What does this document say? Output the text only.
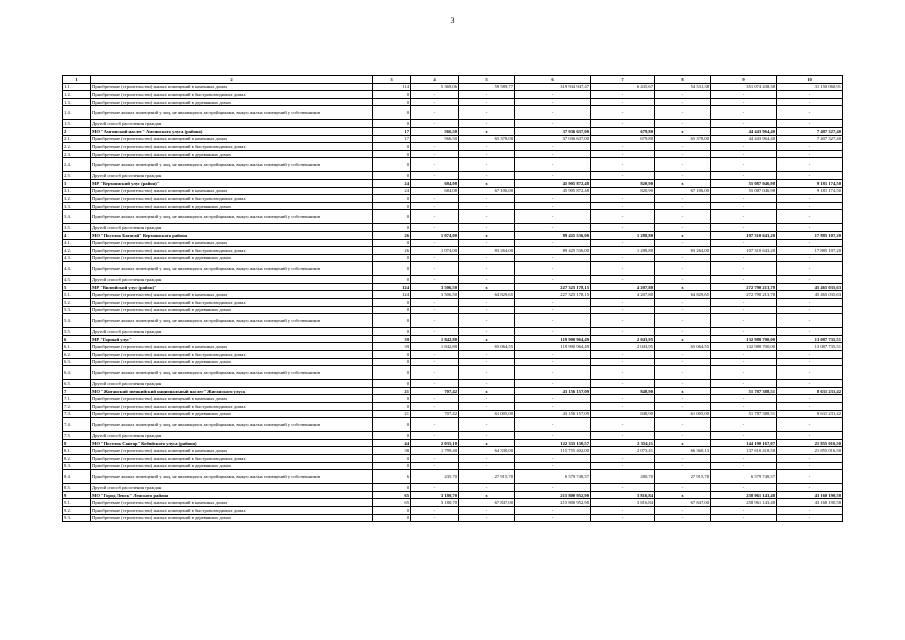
3
1	2	3	4	5	6	7	8	9	10
1.1.	Приобретение (строительство) жилых помещений в каменных домах	114	5 369,06	59 589,77	319 934 947,47	6 435,67	54 531,38	351 074 438,38	31 150 060,91
1.2.	Приобретение (строительство) жилых помещений в быстровозводимых домах	0	-	-	-	-	-	-	-
1.3.	Приобретение (строительство) жилых помещений в деревянных домах	0	-	-	-	-	-	-	-
1.4.	Приобретение жилых помещений у лиц, не являющихся застройщиками, выкуп жилых помещений у собственников	0	-	-	-	-	-	-	-
1.5.	Другой способ расселения граждан	0	-	-	-	-	-	-	-
2	МО "Амгинский наслег" Амгинского улуса (района)	17	566,50	х	37 036 637,00	679,80	х	44 443 964,40	7 407 327,40
2.1.	Приобретение (строительство) жилых помещений в каменных домах	17	566,50	65 378,00	37 036 637,00	679,80	65 378,00	44 443 964,40	7 407 327,40
2.2.	Приобретение (строительство) жилых помещений в быстровозводимых домах	0	-	-	-	-	-	-	-
2.3.	Приобретение (строительство) жилых помещений в деревянных домах	0	-	-	-	-	-	-	-
2.4.	Приобретение жилых помещений у лиц, не являющихся застройщиками, выкуп жилых помещений у собственников	0	-	-	-	-	-	-	-
2.5.	Другой способ расселения граждан	0	-	-	-	-	-	-	-
3	МР "Верхоянский улус (район)"	24	684,08	х	45 905 872,48	820,90	х	55 087 046,98	9 181 174,50
3.1.	Приобретение (строительство) жилых помещений в каменных домах	24	684,08	67 106,00	45 905 872,48	820,90	67 106,00	55 087 046,98	9 181 174,50
3.2.	Приобретение (строительство) жилых помещений в быстровозводимых домах	0	-	-	-	-	-	-	-
3.3.	Приобретение (строительство) жилых помещений в деревянных домах	0	-	-	-	-	-	-	-
3.4.	Приобретение жилых помещений у лиц, не являющихся застройщиками, выкуп жилых помещений у собственников	0	-	-	-	-	-	-	-
3.5.	Другой способ расселения граждан	0	-	-	-	-	-	-	-
4	МО "Поселок Батагай" Верхоянского района	26	1 074,00	х	89 425 536,00	1 288,80	х	107 310 643,20	17 885 107,20
4.1.	Приобретение (строительство) жилых помещений в каменных домах	0	-	-	-	-	-	-	-
4.2.	Приобретение (строительство) жилых помещений в быстровозводимых домах	26	1 074,00	83 264,00	89 425 536,00	1 288,80	83 264,00	107 310 643,20	17 885 107,20
4.3.	Приобретение (строительство) жилых помещений в деревянных домах	0	-	-	-	-	-	-	-
4.4.	Приобретение жилых помещений у лиц, не являющихся застройщиками, выкуп жилых помещений у собственников	0	-	-	-	-	-	-	-
4.5.	Другой способ расселения граждан	0	-	-	-	-	-	-	-
5	МР "Вилюйский улус (район)"	124	3 506,50	х	227 325 178,15	4 207,80	х	272 790 213,78	45 465 035,63
5.1.	Приобретение (строительство) жилых помещений в каменных домах	124	3 506,50	64 829,65	227 325 178,15	4 207,80	64 829,65	272 790 213,78	45 465 035,63
5.2.	Приобретение (строительство) жилых помещений в быстровозводимых домах	0	-	-	-	-	-	-	-
5.3.	Приобретение (строительство) жилых помещений в деревянных домах	0	-	-	-	-	-	-	-
5.4.	Приобретение жилых помещений у лиц, не являющихся застройщиками, выкуп жилых помещений у собственников	0	-	-	-	-	-	-	-
5.5.	Другой способ расселения граждан	0	-	-	-	-	-	-	-
6	МР "Горный улус"	39	1 842,80	х	119 900 964,49	2 043,95	х	132 988 700,00	13 087 735,51
6.1.	Приобретение (строительство) жилых помещений в каменных домах	39	1 842,80	65 064,55	119 900 964,49	2 043,95	65 064,55	132 988 700,00	13 087 735,51
6.2.	Приобретение (строительство) жилых помещений в быстровозводимых домах	0	-	-	-	-	-	-	-
6.3.	Приобретение (строительство) жилых помещений в деревянных домах	0	-	-	-	-	-	-	-
6.4.	Приобретение жилых помещений у лиц, не являющихся застройщиками, выкуп жилых помещений у собственников	0	-	-	-	-	-	-	-
6.5.	Другой способ расселения граждан	0	-	-	-	-	-	-	-
7	МО "Жиганский эвенкийский национальный наслег" Жиганского улуса	21	707,42	х	43 156 157,09	848,90	х	51 787 388,51	8 631 231,42
7.1.	Приобретение (строительство) жилых помещений в каменных домах	0	-	-	-	-	-	-	-
7.2.	Приобретение (строительство) жилых помещений в быстровозводимых домах	0	-	-	-	-	-	-	-
7.3.	Приобретение (строительство) жилых помещений в деревянных домах	21	707,42	61 005,00	43 156 157,09	848,90	61 005,00	51 787 388,51	8 631 231,42
7.4.	Приобретение жилых помещений у лиц, не являющихся застройщиками, выкуп жилых помещений у собственников	0	-	-	-	-	-	-	-
7.5.	Другой способ расселения граждан	0	-	-	-	-	-	-	-
8	МО "Поселок Сангар" Кобяйского улуса (района)	44	2 035,10	х	122 335 150,57	2 354,11	х	144 190 167,07	21 855 016,50
8.1.	Приобретение (строительство) жилых помещений в каменных домах	38	1 799,40	64 330,00	115 755 402,00	2 073,41	66 360,13	137 610 418,50	21 855 016,50
8.2.	Приобретение (строительство) жилых помещений в быстровозводимых домах	0	-	-	-	-	-	-	-
8.3.	Приобретение (строительство) жилых помещений в деревянных домах	0	-	-	-	-	-	-	-
8.4.	Приобретение жилых помещений у лиц, не являющихся застройщиками, выкуп жилых помещений у собственников	6	235,70	27 915,78	6 579 748,57	280,70	27 915,78	6 579 748,57	-
8.5.	Другой способ расселения граждан	0	-	-	-	-	-	-	-
9	МО "Город Ленск" Ленского района	65	3 180,70	х	215 800 952,90	3 816,84	х	258 961 143,48	43 160 190,58
9.1.	Приобретение (строительство) жилых помещений в каменных домах	65	3 180,70	67 847,00	215 800 952,90	3 816,84	67 847,00	258 961 143,48	43 160 190,58
9.2.	Приобретение (строительство) жилых помещений в быстровозводимых домах	0	-	-	-	-	-	-	-
9.3.	Приобретение (строительство) жилых помещений в деревянных домах	0	-	-	-	-	-	-	-
